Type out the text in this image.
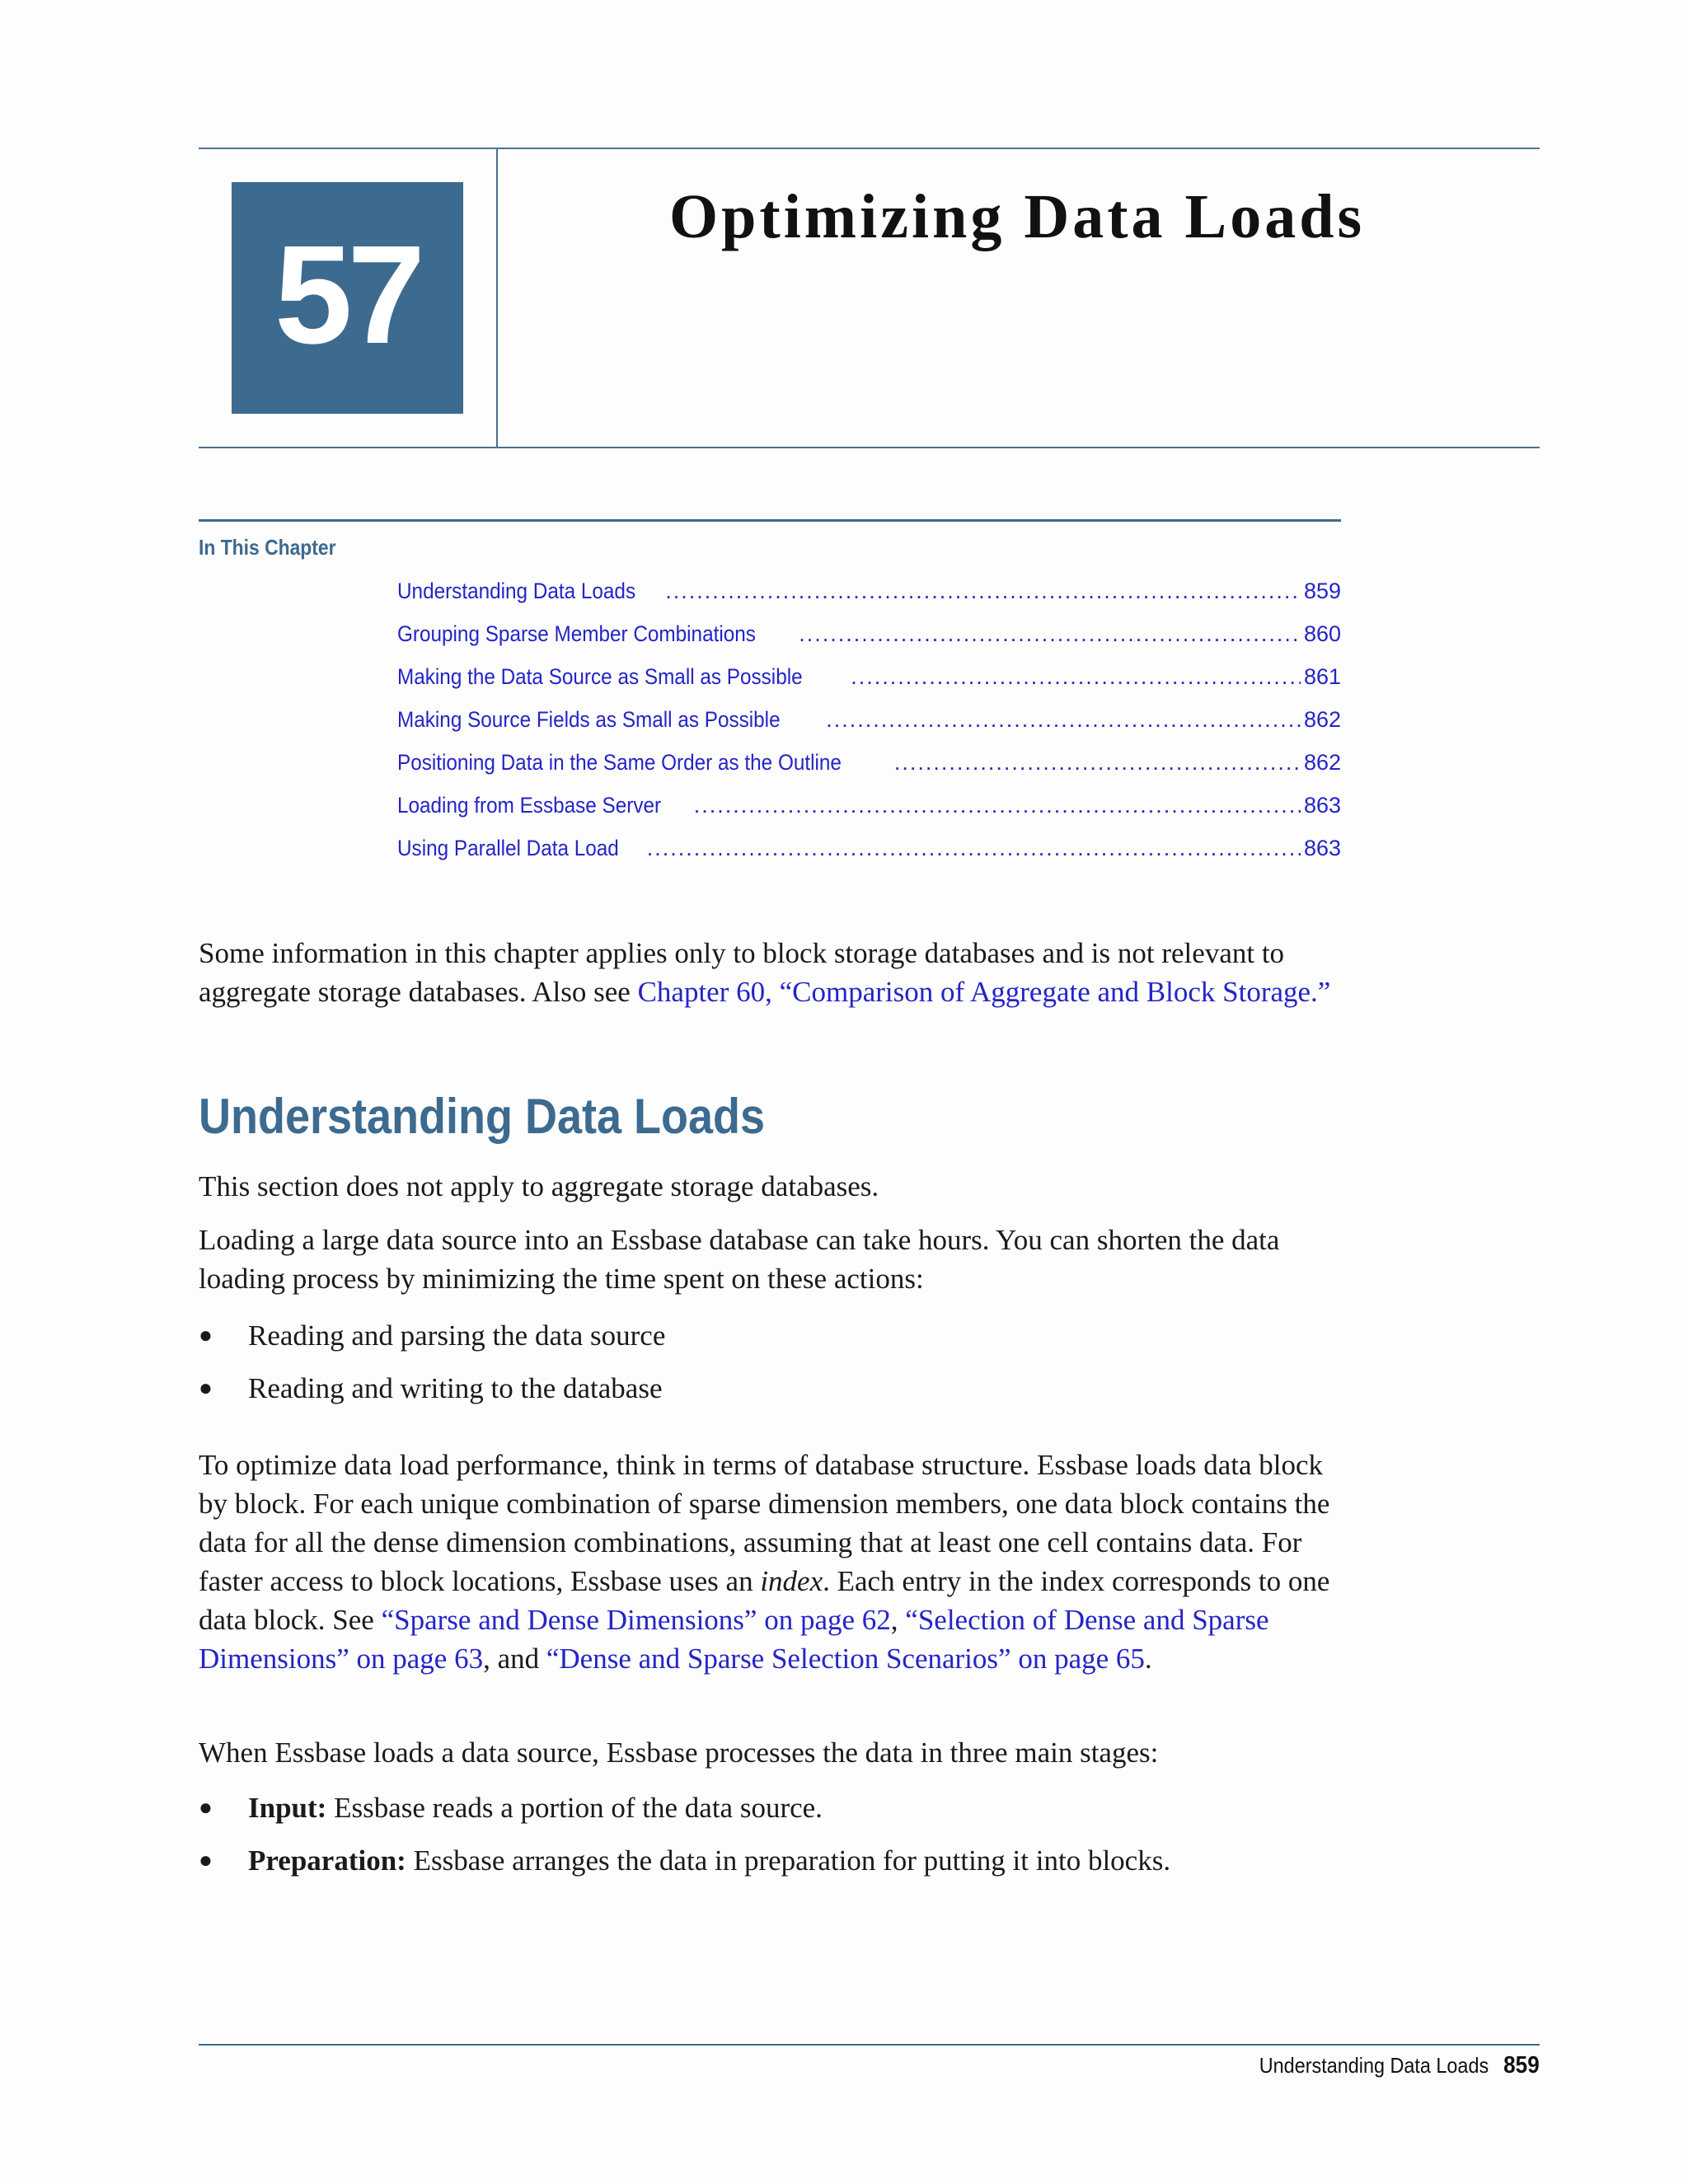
57	Optimizing Data Loads
In This Chapter
Understanding Data Loads .....	859
Grouping Sparse Member Combinations .....	860
Making the Data Source as Small as Possible .....	861
Making Source Fields as Small as Possible .....	862
Positioning Data in the Same Order as the Outline .....	862
Loading from Essbase Server .....	863
Using Parallel Data Load .....	863

Some information in this chapter applies only to block storage databases and is not relevant to aggregate storage databases. Also see Chapter 60, “Comparison of Aggregate and Block Storage.”

Understanding Data Loads

This section does not apply to aggregate storage databases.

Loading a large data source into an Essbase database can take hours. You can shorten the data loading process by minimizing the time spent on these actions:

● Reading and parsing the data source
● Reading and writing to the database

To optimize data load performance, think in terms of database structure. Essbase loads data block by block. For each unique combination of sparse dimension members, one data block contains the data for all the dense dimension combinations, assuming that at least one cell contains data. For faster access to block locations, Essbase uses an index. Each entry in the index corresponds to one data block. See “Sparse and Dense Dimensions” on page 62, “Selection of Dense and Sparse Dimensions” on page 63, and “Dense and Sparse Selection Scenarios” on page 65.

When Essbase loads a data source, Essbase processes the data in three main stages:

● Input: Essbase reads a portion of the data source.
● Preparation: Essbase arranges the data in preparation for putting it into blocks.
Understanding Data Loads 859
